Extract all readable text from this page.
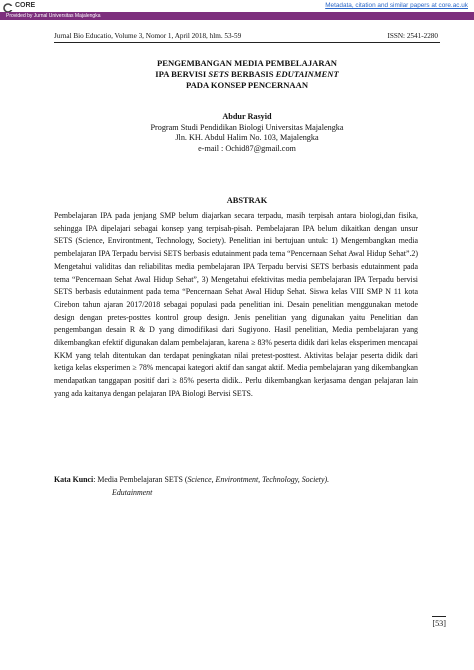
CORE	Metadata, citation and similar papers at core.ac.uk
Provided by Jurnal Universitas Majalengka
Jurnal Bio Educatio, Volume 3, Nomor 1, April 2018, hlm. 53-59	ISSN: 2541-2280
PENGEMBANGAN MEDIA PEMBELAJARAN
IPA BERVISI SETS BERBASIS EDUTAINMENT
PADA KONSEP PENCERNAAN
Abdur Rasyid
Program Studi Pendidikan Biologi Universitas Majalengka
Jln. KH. Abdul Halim No. 103, Majalengka
e-mail : Ochid87@gmail.com
ABSTRAK

Pembelajaran IPA pada jenjang SMP belum diajarkan secara terpadu, masih terpisah antara biologi,dan fisika, sehingga IPA dipelajari sebagai konsep yang terpisah-pisah. Pembelajaran IPA belum dikaitkan dengan unsur SETS (Science, Environtment, Technology, Society). Penelitian ini bertujuan untuk: 1) Mengembangkan media pembelajaran IPA Terpadu bervisi SETS berbasis edutainment pada tema “Pencernaan Sehat Awal Hidup Sehat”.2) Mengetahui validitas dan reliabilitas media pembelajaran IPA Terpadu bervisi SETS berbasis edutainment pada tema “Pencernaan Sehat Awal Hidup Sehat”, 3) Mengetahui efektivitas media pembelajaran IPA Terpadu bervisi SETS berbasis edutainment pada tema “Pencernaan Sehat Awal Hidup Sehat. Siswa kelas VIII SMP N 11 kota Cirebon tahun ajaran 2017/2018 sebagai populasi pada penelitian ini. Desain penelitian menggunakan metode design dengan pretes-posttes kontrol group design. Jenis penelitian yang digunakan yaitu Penelitian dan pengembangan desain R & D yang dimodifikasi dari Sugiyono. Hasil penelitian, Media pembelajaran yang dikembangkan efektif digunakan dalam pembelajaran, karena ≥ 83% peserta didik dari kelas eksperimen mencapai KKM yang telah ditentukan dan terdapat peningkatan nilai pretest-posttest. Aktivitas belajar peserta didik dari ketiga kelas eksperimen ≥ 78% mencapai kategori aktif dan sangat aktif. Media pembelajaran yang dikembangkan mendapatkan tanggapan positif dari ≥ 85% peserta didik.. Perlu dikembangkan kerjasama dengan pelajaran lain yang ada kaitanya dengan pelajaran IPA Biologi Bervisi SETS.

Kata Kunci: Media Pembelajaran SETS (Science, Environtment, Technology, Society).
Edutainment
[53]
